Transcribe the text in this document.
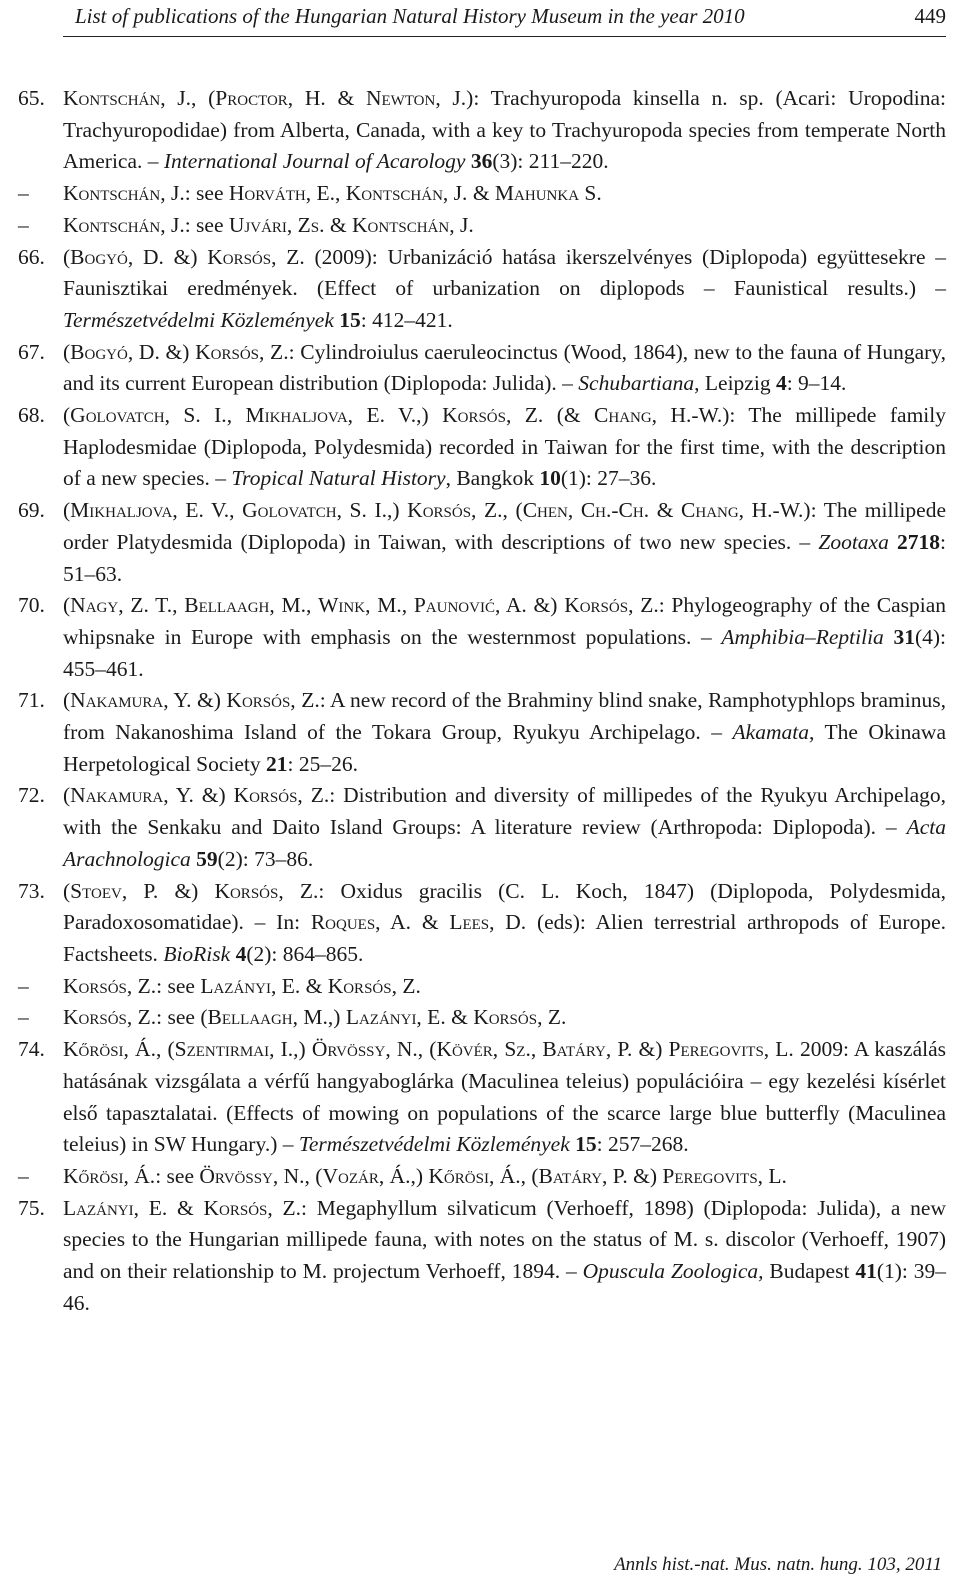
List of publications of the Hungarian Natural History Museum in the year 2010	449
65. Kontschán, J., (Proctor, H. & Newton, J.): Trachyuropoda kinsella n. sp. (Acari: Uropodina: Trachyuropodidae) from Alberta, Canada, with a key to Trachyuropoda species from temperate North America. – International Journal of Acarology 36(3): 211–220.
– Kontschán, J.: see Horváth, E., Kontschán, J. & Mahunka S.
– Kontschán, J.: see Ujvári, Zs. & Kontschán, J.
66. (Bogyó, D. &) Korsós, Z. (2009): Urbanizáció hatása ikerszelvényes (Diplopoda) együttesekre – Faunisztikai eredmények. (Effect of urbanization on diplopods – Faunistical results.) – Természetvédelmi Közlemények 15: 412–421.
67. (Bogyó, D. &) Korsós, Z.: Cylindroiulus caeruleocinctus (Wood, 1864), new to the fauna of Hungary, and its current European distribution (Diplopoda: Julida). – Schubartiana, Leipzig 4: 9–14.
68. (Golovatch, S. I., Mikhaljova, E. V.,) Korsós, Z. (& Chang, H.-W.): The millipede family Haplodesmidae (Diplopoda, Polydesmida) recorded in Taiwan for the first time, with the description of a new species. – Tropical Natural History, Bangkok 10(1): 27–36.
69. (Mikhaljova, E. V., Golovatch, S. I.,) Korsós, Z., (Chen, Ch.-Ch. & Chang, H.-W.): The millipede order Platydesmida (Diplopoda) in Taiwan, with descriptions of two new species. – Zootaxa 2718: 51–63.
70. (Nagy, Z. T., Bellaagh, M., Wink, M., Paunović, A. &) Korsós, Z.: Phylogeography of the Caspian whipsnake in Europe with emphasis on the westernmost populations. – Amphibia–Reptilia 31(4): 455–461.
71. (Nakamura, Y. &) Korsós, Z.: A new record of the Brahminy blind snake, Ramphotyphlops braminus, from Nakanoshima Island of the Tokara Group, Ryukyu Archipelago. – Akamata, The Okinawa Herpetological Society 21: 25–26.
72. (Nakamura, Y. &) Korsós, Z.: Distribution and diversity of millipedes of the Ryukyu Archipelago, with the Senkaku and Daito Island Groups: A literature review (Arthropoda: Diplopoda). – Acta Arachnologica 59(2): 73–86.
73. (Stoev, P. &) Korsós, Z.: Oxidus gracilis (C. L. Koch, 1847) (Diplopoda, Polydesmida, Paradoxosomatidae). – In: Roques, A. & Lees, D. (eds): Alien terrestrial arthropods of Europe. Factsheets. BioRisk 4(2): 864–865.
– Korsós, Z.: see Lazányi, E. & Korsós, Z.
– Korsós, Z.: see (Bellaagh, M.,) Lazányi, E. & Korsós, Z.
74. Kőrösi, Á., (Szentirmai, I.,) Örvössy, N., (Kövér, Sz., Batáry, P. &) Peregovits, L. 2009: A kaszálás hatásának vizsgálata a vérfű hangyaboglárka (Maculinea teleius) populációira – egy kezelési kísérlet első tapasztalatai. (Effects of mowing on populations of the scarce large blue butterfly (Maculinea teleius) in SW Hungary.) – Természetvédelmi Közlemények 15: 257–268.
– Kőrösi, Á.: see Örvössy, N., (Vozár, Á.,) Kőrösi, Á., (Batáry, P. &) Peregovits, L.
75. Lazányi, E. & Korsós, Z.: Megaphyllum silvaticum (Verhoeff, 1898) (Diplopoda: Julida), a new species to the Hungarian millipede fauna, with notes on the status of M. s. discolor (Verhoeff, 1907) and on their relationship to M. projectum Verhoeff, 1894. – Opuscula Zoologica, Budapest 41(1): 39–46.
Annls hist.-nat. Mus. natn. hung. 103, 2011
